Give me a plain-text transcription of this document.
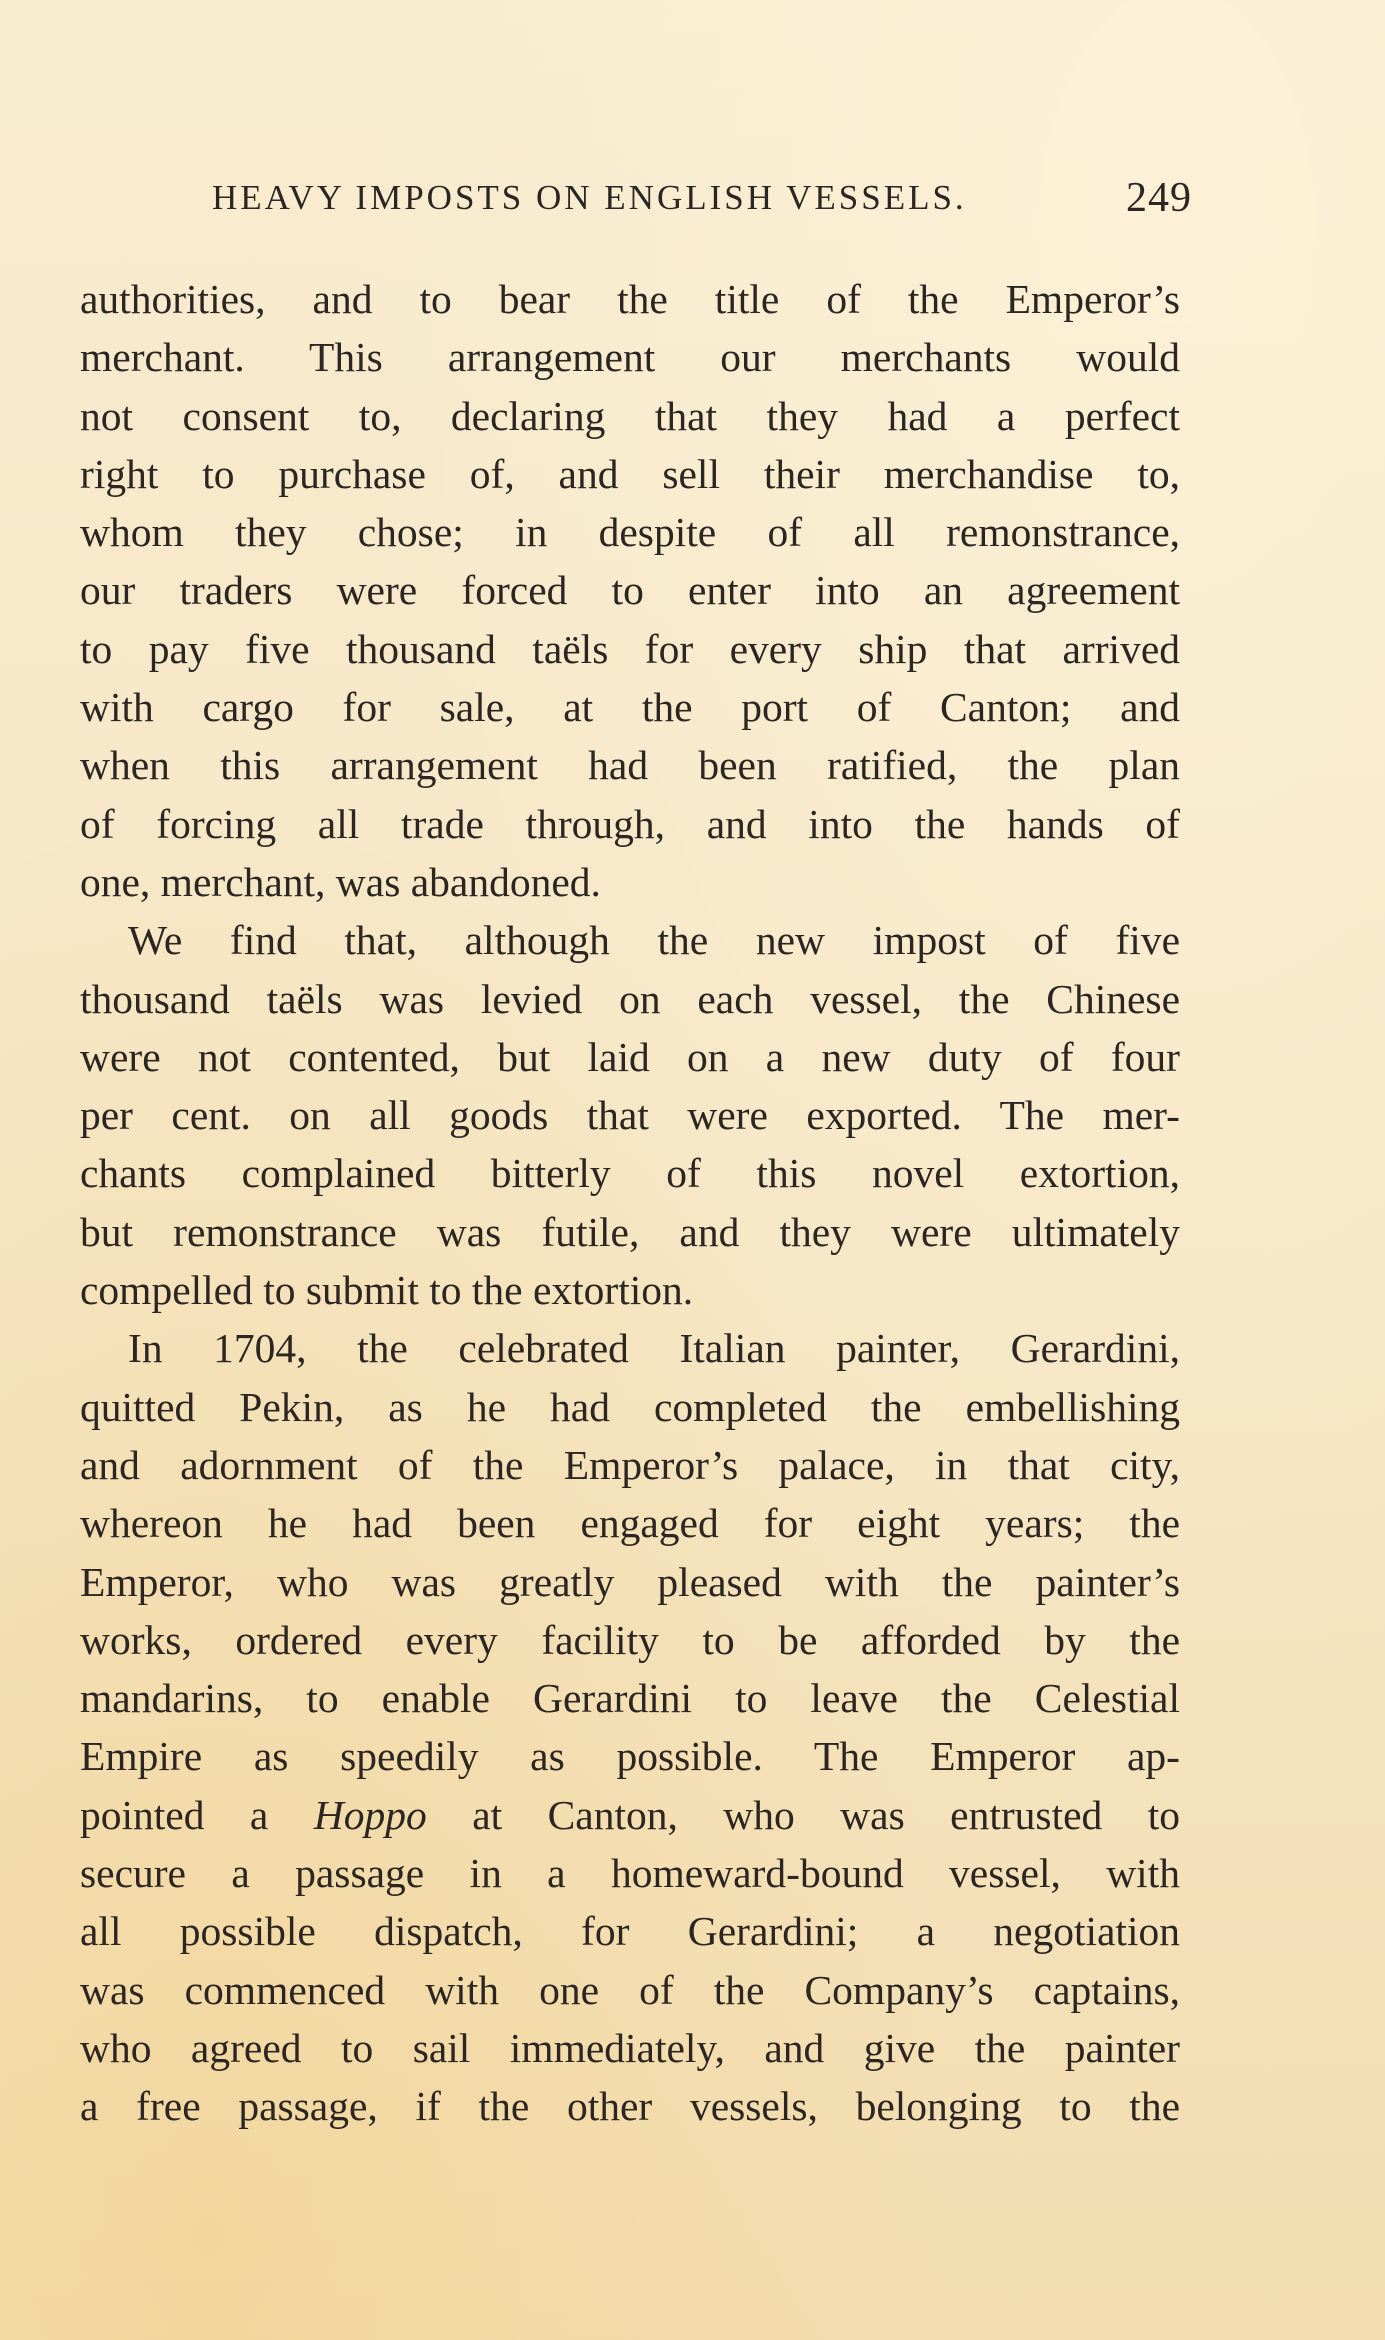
HEAVY IMPOSTS ON ENGLISH VESSELS.	249
authorities, and to bear the title of the Emperor’s
merchant. This arrangement our merchants would
not consent to, declaring that they had a perfect
right to purchase of, and sell their merchandise to,
whom they chose; in despite of all remonstrance,
our traders were forced to enter into an agreement
to pay five thousand taëls for every ship that arrived
with cargo for sale, at the port of Canton; and
when this arrangement had been ratified, the plan
of forcing all trade through, and into the hands of
one, merchant, was abandoned.
We find that, although the new impost of five
thousand taëls was levied on each vessel, the Chinese
were not contented, but laid on a new duty of four
per cent. on all goods that were exported. The mer-
chants complained bitterly of this novel extortion,
but remonstrance was futile, and they were ultimately
compelled to submit to the extortion.
In 1704, the celebrated Italian painter, Gerardini,
quitted Pekin, as he had completed the embellishing
and adornment of the Emperor’s palace, in that city,
whereon he had been engaged for eight years; the
Emperor, who was greatly pleased with the painter’s
works, ordered every facility to be afforded by the
mandarins, to enable Gerardini to leave the Celestial
Empire as speedily as possible. The Emperor ap-
pointed a Hoppo at Canton, who was entrusted to
secure a passage in a homeward-bound vessel, with
all possible dispatch, for Gerardini; a negotiation
was commenced with one of the Company’s captains,
who agreed to sail immediately, and give the painter
a free passage, if the other vessels, belonging to the
